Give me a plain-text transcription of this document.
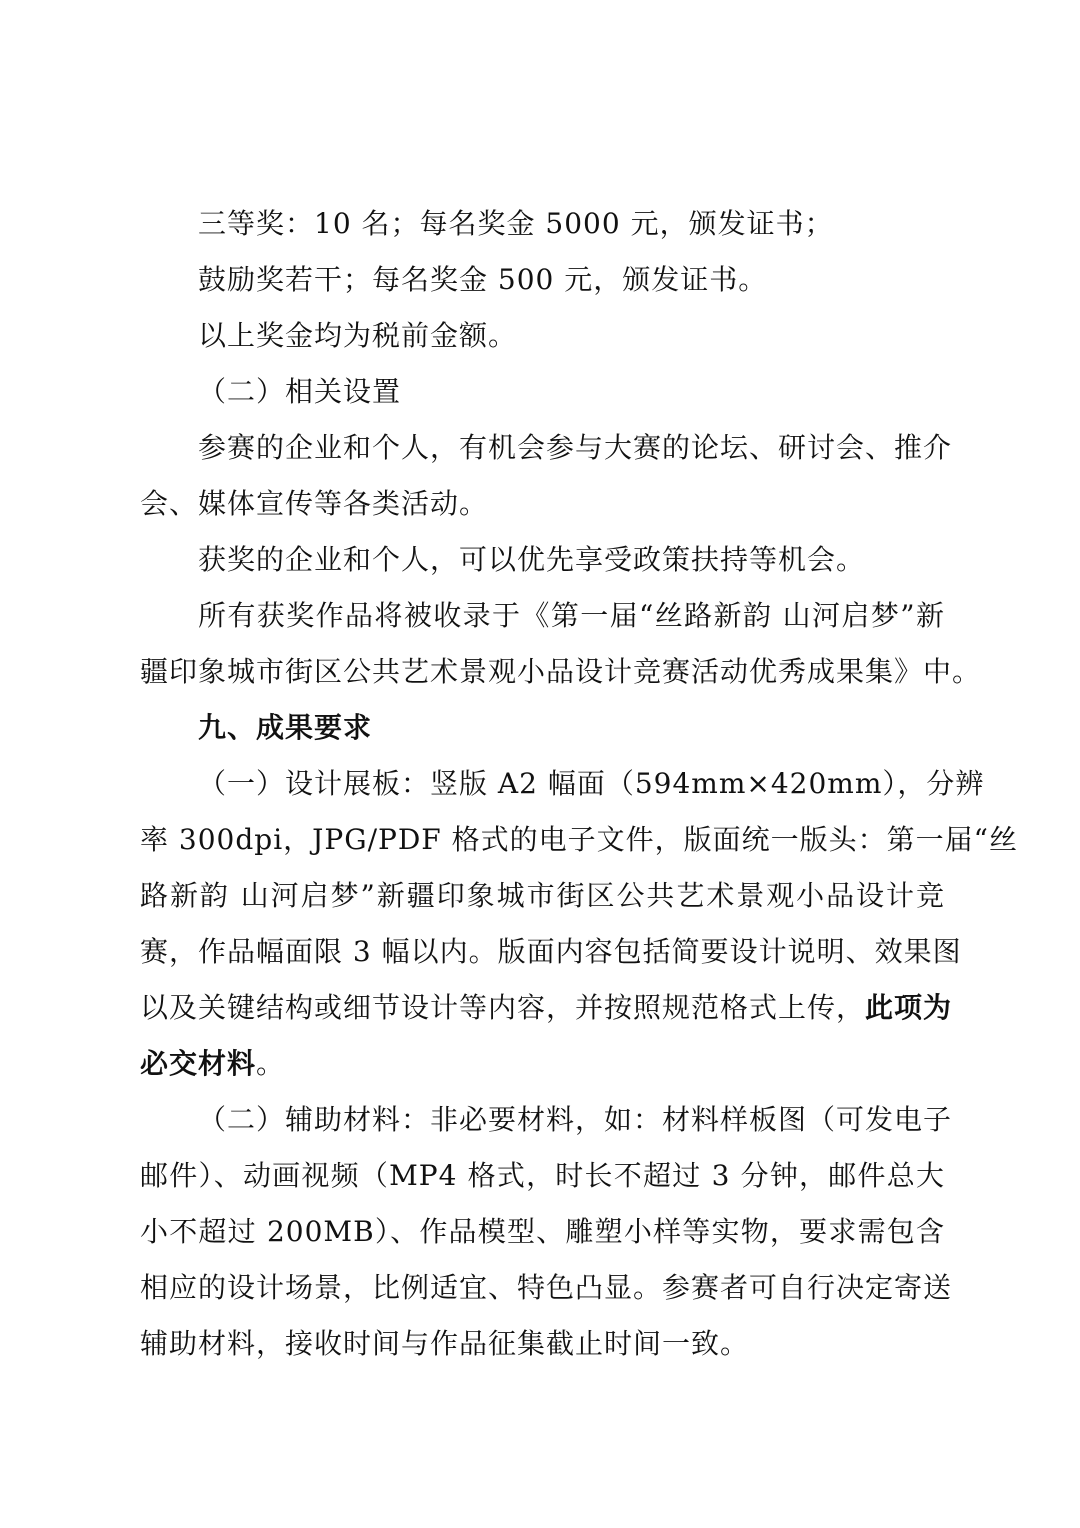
三等奖：10 名；每名奖金 5000 元，颁发证书；
鼓励奖若干；每名奖金 500 元，颁发证书。
以上奖金均为税前金额。
（二）相关设置
参赛的企业和个人，有机会参与大赛的论坛、研讨会、推介
会、媒体宣传等各类活动。
获奖的企业和个人，可以优先享受政策扶持等机会。
所有获奖作品将被收录于《第一届“丝路新韵 山河启梦”新
疆印象城市街区公共艺术景观小品设计竞赛活动优秀成果集》中。
九、成果要求
（一）设计展板：竖版 A2 幅面（594mm×420mm），分辨
率 300dpi，JPG/PDF 格式的电子文件，版面统一版头：第一届“丝
路新韵 山河启梦”新疆印象城市街区公共艺术景观小品设计竞
赛，作品幅面限 3 幅以内。版面内容包括简要设计说明、效果图
以及关键结构或细节设计等内容，并按照规范格式上传，此项为
必交材料。
（二）辅助材料：非必要材料，如：材料样板图（可发电子
邮件）、动画视频（MP4 格式，时长不超过 3 分钟，邮件总大
小不超过 200MB）、作品模型、雕塑小样等实物，要求需包含
相应的设计场景，比例适宜、特色凸显。参赛者可自行决定寄送
辅助材料，接收时间与作品征集截止时间一致。
